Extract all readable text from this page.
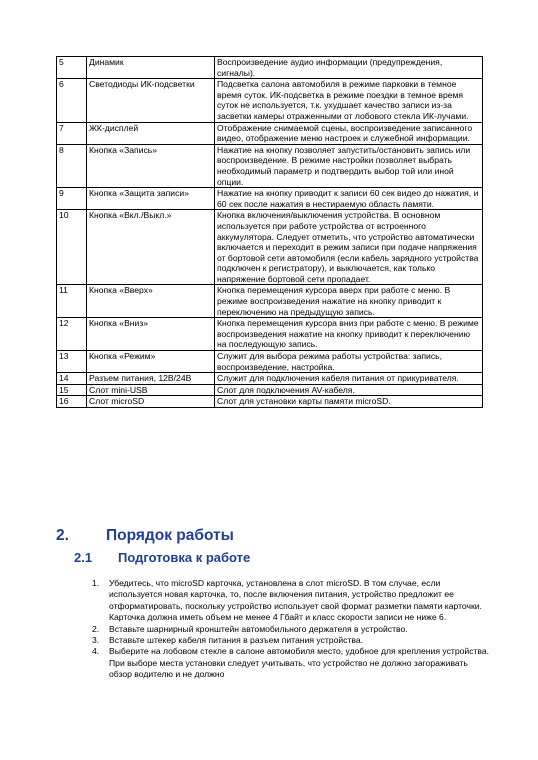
5	Динамик	Воспроизведение аудио информации (предупреждения, сигналы).
6	Светодиоды ИК-подсветки	Подсветка салона автомобиля в режиме парковки в темное время суток. ИК-подсветка в режиме поездки в темное время суток не используется, т.к. ухудшает качество записи из-за засветки камеры отраженными от лобового стекла ИК-лучами.
7	ЖК-дисплей	Отображение снимаемой сцены, воспроизведение записанного видео, отображение меню настроек и служебной информации.
8	Кнопка «Запись»	Нажатие на кнопку позволяет запустить/остановить запись или воспроизведение. В режиме настройки позволяет выбрать необходимый параметр и подтвердить выбор той или иной опции.
9	Кнопка «Защита записи»	Нажатие на кнопку приводит к записи 60 сек видео до нажатия, и 60 сек после нажатия в нестираемую область памяти.
10	Кнопка «Вкл./Выкл.»	Кнопка включения/выключения устройства. В основном используется при работе устройства от встроенного аккумулятора. Следует отметить, что устройство автоматически включается и переходит в режим записи при подаче напряжения от бортовой сети автомобиля (если кабель зарядного устройства подключен к регистратору), и выключается, как только напряжение бортовой сети пропадает.
11	Кнопка «Вверх»	Кнопка перемещения курсора вверх при работе с меню. В режиме воспроизведения нажатие на кнопку приводит к переключению на предыдущую запись.
12	Кнопка «Вниз»	Кнопка перемещения курсора вниз при работе с меню. В режиме воспроизведения нажатие на кнопку приводит к переключению на последующую запись.
13	Кнопка «Режим»	Служит для выбора режима работы устройства: запись, воспроизведение, настройка.
14	Разъем питания, 12В/24В	Служит для подключения кабеля питания от прикуривателя.
15	Слот mini-USB	Слот для подключения AV-кабеля.
16	Слот microSD	Слот для установки карты памяти microSD.
2. Порядок работы
2.1 Подготовка к работе
1. Убедитесь, что microSD карточка, установлена в слот microSD. В том случае, если используется новая карточка, то, после включения питания, устройство предложит ее отформатировать, поскольку устройство использует свой формат разметки памяти карточки. Карточка должна иметь объем не менее 4 Гбайт и класс скорости записи не ниже 6.
2. Вставьте шарнирный кронштейн автомобильного держателя в устройство.
3. Вставьте штекер кабеля питания в разъем питания устройства.
4. Выберите на лобовом стекле в салоне автомобиля место, удобное для крепления устройства. При выборе места установки следует учитывать, что устройство не должно загораживать обзор водителю и не должно
